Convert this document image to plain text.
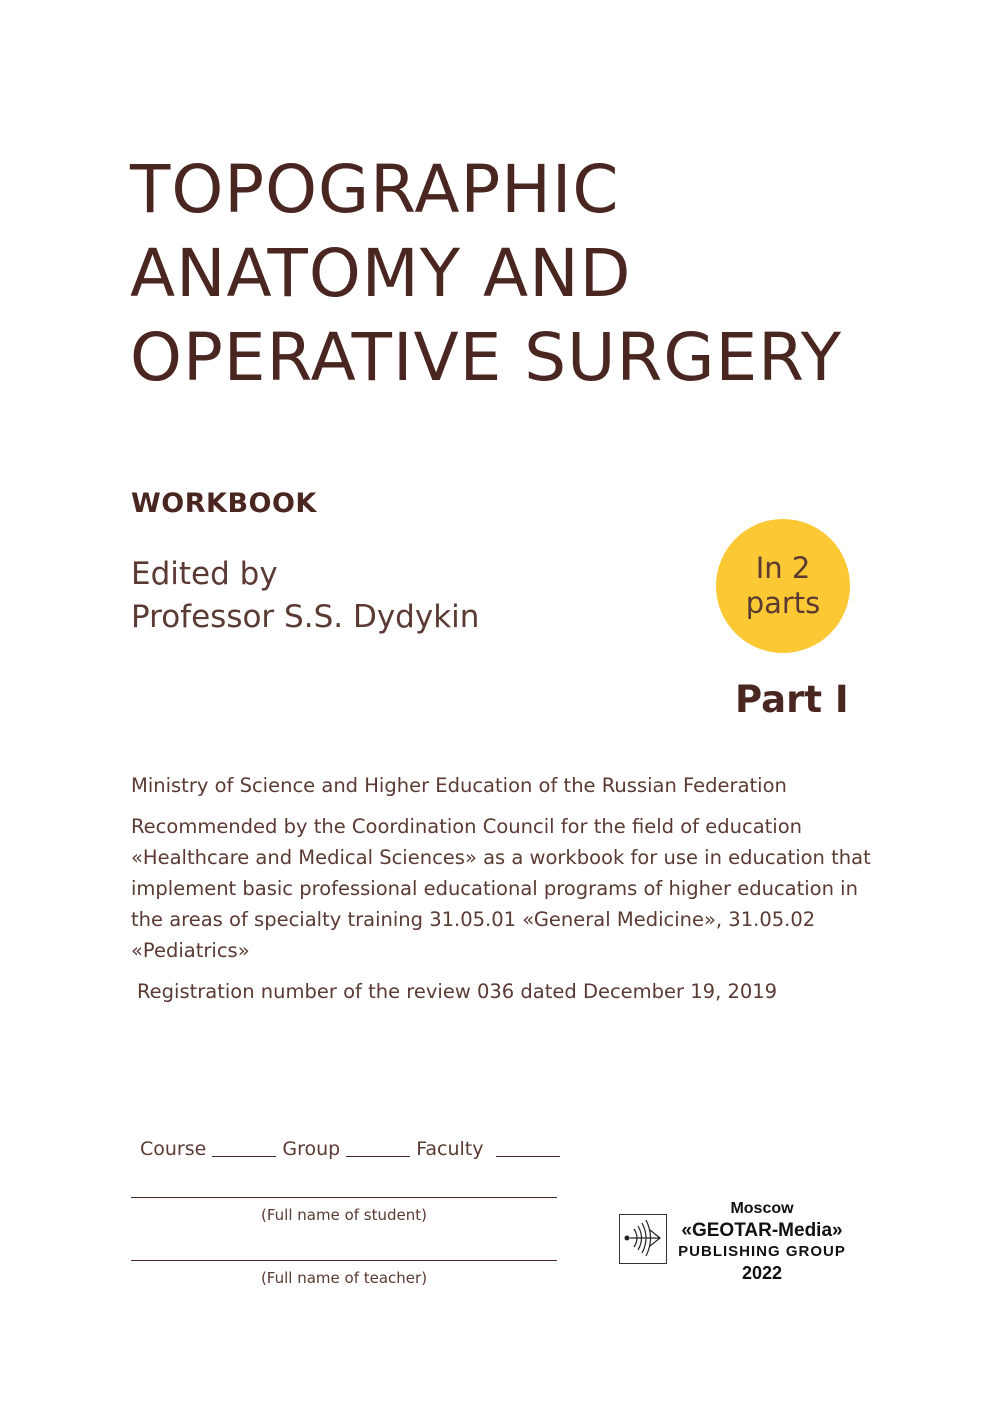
TOPOGRAPHIC
ANATOMY AND
OPERATIVE SURGERY
WORKBOOK
Edited by
Professor S.S. Dydykin
In 2
parts
Part I
Ministry of Science and Higher Education of the Russian Federation
Recommended by the Coordination Council for the field of education «Healthcare and Medical Sciences» as a workbook for use in education that implement basic professional educational programs of higher education in the areas of specialty training 31.05.01 «General Medicine», 31.05.02 «Pediatrics»
Registration number of the review 036 dated December 19, 2019
Course	Group	Faculty
(Full name of student)
(Full name of teacher)
Moscow
«GEOTAR-Media»
PUBLISHING GROUP
2022
